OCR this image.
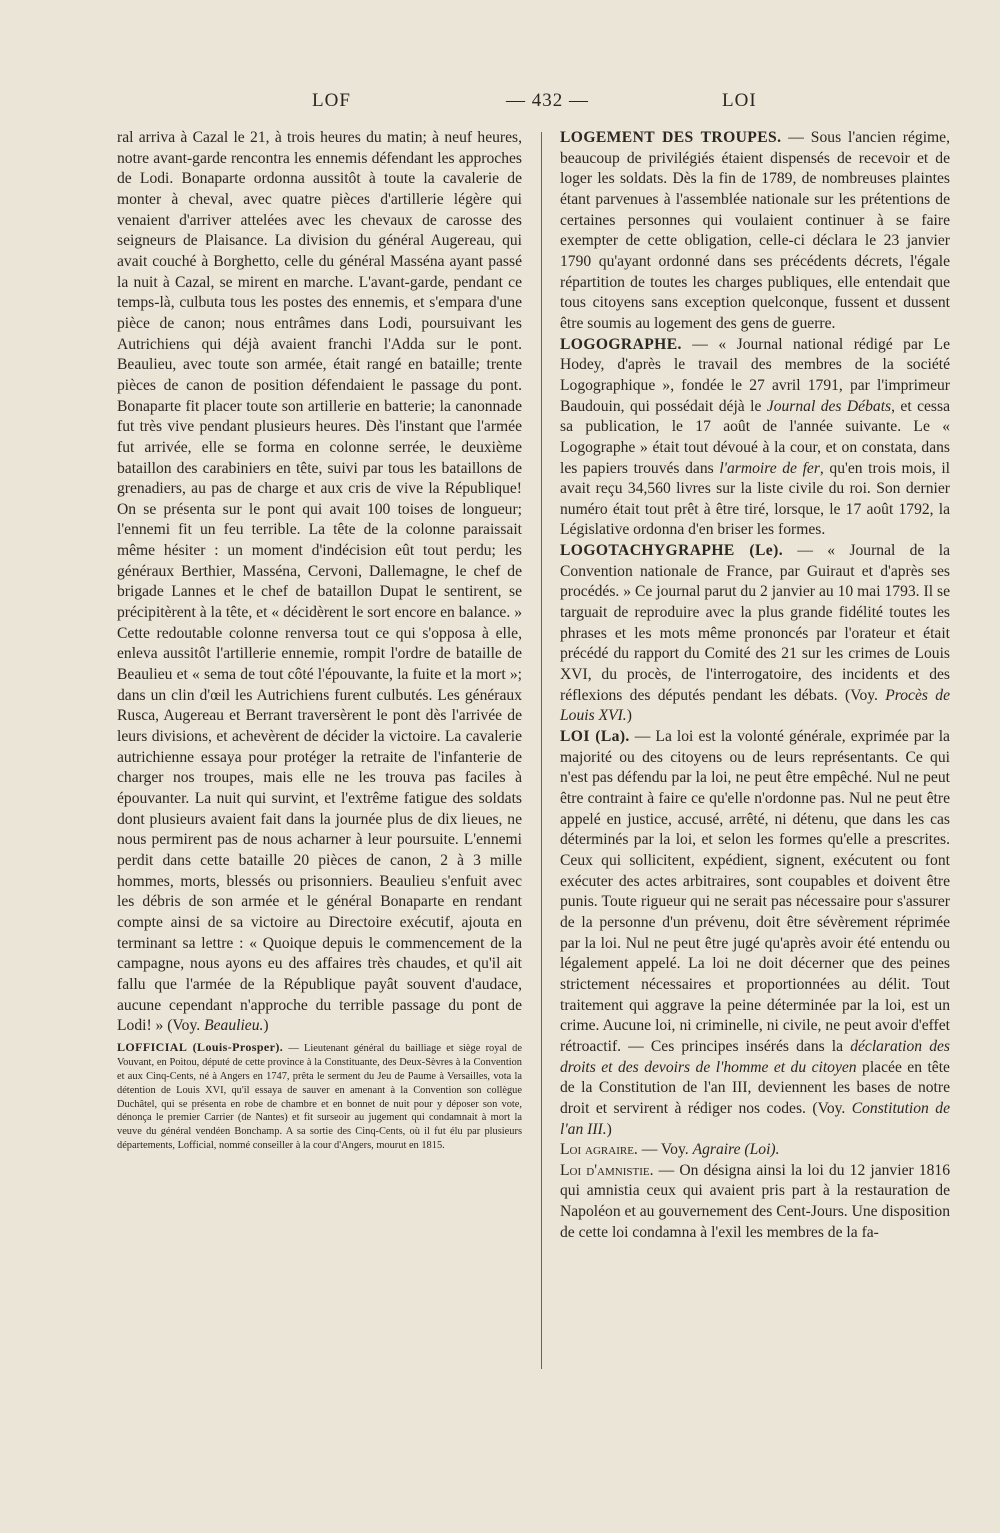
LOF	— 432 —	LOI

ral arriva à Cazal le 21, à trois heures du matin; à neuf heures, notre avant-garde rencontra les ennemis défendant les approches de Lodi. Bonaparte ordonna aussitôt à toute la cavalerie de monter à cheval, avec quatre pièces d'artillerie légère qui venaient d'arriver attelées avec les chevaux de carosse des seigneurs de Plaisance. La division du général Augereau, qui avait couché à Borghetto, celle du général Masséna ayant passé la nuit à Cazal, se mirent en marche. L'avant-garde, pendant ce temps-là, culbuta tous les postes des ennemis, et s'empara d'une pièce de canon; nous entrâmes dans Lodi, poursuivant les Autrichiens qui déjà avaient franchi l'Adda sur le pont. Beaulieu, avec toute son armée, était rangé en bataille; trente pièces de canon de position défendaient le passage du pont. Bonaparte fit placer toute son artillerie en batterie; la canonnade fut très vive pendant plusieurs heures. Dès l'instant que l'armée fut arrivée, elle se forma en colonne serrée, le deuxième bataillon des carabiniers en tête, suivi par tous les bataillons de grenadiers, au pas de charge et aux cris de vive la République! On se présenta sur le pont qui avait 100 toises de longueur; l'ennemi fit un feu terrible. La tête de la colonne paraissait même hésiter : un moment d'indécision eût tout perdu; les généraux Berthier, Masséna, Cervoni, Dallemagne, le chef de brigade Lannes et le chef de bataillon Dupat le sentirent, se précipitèrent à la tête, et « décidèrent le sort encore en balance. » Cette redoutable colonne renversa tout ce qui s'opposa à elle, enleva aussitôt l'artillerie ennemie, rompit l'ordre de bataille de Beaulieu et « sema de tout côté l'épouvante, la fuite et la mort »; dans un clin d'œil les Autrichiens furent culbutés. Les généraux Rusca, Augereau et Berrant traversèrent le pont dès l'arrivée de leurs divisions, et achevèrent de décider la victoire. La cavalerie autrichienne essaya pour protéger la retraite de l'infanterie de charger nos troupes, mais elle ne les trouva pas faciles à épouvanter. La nuit qui survint, et l'extrême fatigue des soldats dont plusieurs avaient fait dans la journée plus de dix lieues, ne nous permirent pas de nous acharner à leur poursuite. L'ennemi perdit dans cette bataille 20 pièces de canon, 2 à 3 mille hommes, morts, blessés ou prisonniers. Beaulieu s'enfuit avec les débris de son armée et le général Bonaparte en rendant compte ainsi de sa victoire au Directoire exécutif, ajouta en terminant sa lettre : « Quoique depuis le commencement de la campagne, nous ayons eu des affaires très chaudes, et qu'il ait fallu que l'armée de la République payât souvent d'audace, aucune cependant n'approche du terrible passage du pont de Lodi! » (Voy. Beaulieu.)

LOFFICIAL (Louis-Prosper). — Lieutenant général du bailliage et siège royal de Vouvant, en Poitou, député de cette province à la Constituante, des Deux-Sèvres à la Convention et aux Cinq-Cents, né à Angers en 1747, prêta le serment du Jeu de Paume à Versailles, vota la détention de Louis XVI, qu'il essaya de sauver en amenant à la Convention son collègue Duchâtel, qui se présenta en robe de chambre et en bonnet de nuit pour y déposer son vote, dénonça le premier Carrier (de Nantes) et fit surseoir au jugement qui condamnait à mort la veuve du général vendéen Bonchamp. A sa sortie des Cinq-Cents, où il fut élu par plusieurs départements, Lofficial, nommé conseiller à la cour d'Angers, mourut en 1815.

LOGEMENT DES TROUPES. — Sous l'ancien régime, beaucoup de privilégiés étaient dispensés de recevoir et de loger les soldats. Dès la fin de 1789, de nombreuses plaintes étant parvenues à l'assemblée nationale sur les prétentions de certaines personnes qui voulaient continuer à se faire exempter de cette obligation, celle-ci déclara le 23 janvier 1790 qu'ayant ordonné dans ses précédents décrets, l'égale répartition de toutes les charges publiques, elle entendait que tous citoyens sans exception quelconque, fussent et dussent être soumis au logement des gens de guerre.

LOGOGRAPHE. — « Journal national rédigé par Le Hodey, d'après le travail des membres de la société Logographique », fondée le 27 avril 1791, par l'imprimeur Baudouin, qui possédait déjà le Journal des Débats, et cessa sa publication, le 17 août de l'année suivante. Le « Logographe » était tout dévoué à la cour, et on constata, dans les papiers trouvés dans l'armoire de fer, qu'en trois mois, il avait reçu 34,560 livres sur la liste civile du roi. Son dernier numéro était tout prêt à être tiré, lorsque, le 17 août 1792, la Législative ordonna d'en briser les formes.

LOGOTACHYGRAPHE (Le). — « Journal de la Convention nationale de France, par Guiraut et d'après ses procédés. » Ce journal parut du 2 janvier au 10 mai 1793. Il se targuait de reproduire avec la plus grande fidélité toutes les phrases et les mots même prononcés par l'orateur et était précédé du rapport du Comité des 21 sur les crimes de Louis XVI, du procès, de l'interrogatoire, des incidents et des réflexions des députés pendant les débats. (Voy. Procès de Louis XVI.)

LOI (La). — La loi est la volonté générale, exprimée par la majorité ou des citoyens ou de leurs représentants. Ce qui n'est pas défendu par la loi, ne peut être empêché. Nul ne peut être contraint à faire ce qu'elle n'ordonne pas. Nul ne peut être appelé en justice, accusé, arrêté, ni détenu, que dans les cas déterminés par la loi, et selon les formes qu'elle a prescrites. Ceux qui sollicitent, expédient, signent, exécutent ou font exécuter des actes arbitraires, sont coupables et doivent être punis. Toute rigueur qui ne serait pas nécessaire pour s'assurer de la personne d'un prévenu, doit être sévèrement réprimée par la loi. Nul ne peut être jugé qu'après avoir été entendu ou légalement appelé. La loi ne doit décerner que des peines strictement nécessaires et proportionnées au délit. Tout traitement qui aggrave la peine déterminée par la loi, est un crime. Aucune loi, ni criminelle, ni civile, ne peut avoir d'effet rétroactif. — Ces principes insérés dans la déclaration des droits et des devoirs de l'homme et du citoyen placée en tête de la Constitution de l'an III, deviennent les bases de notre droit et servirent à rédiger nos codes. (Voy. Constitution de l'an III.)

Loi agraire. — Voy. Agraire (Loi).

Loi d'amnistie. — On désigna ainsi la loi du 12 janvier 1816 qui amnistia ceux qui avaient pris part à la restauration de Napoléon et au gouvernement des Cent-Jours. Une disposition de cette loi condamna à l'exil les membres de la fa-
